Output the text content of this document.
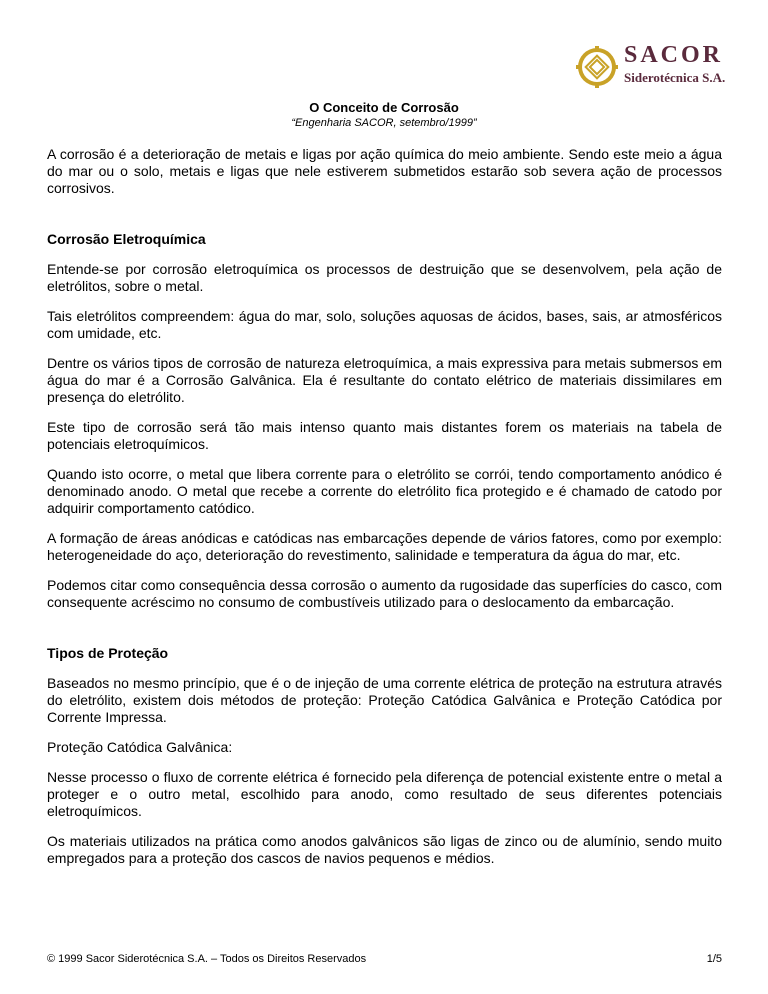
SACOR
Siderotécnica S.A.
O Conceito de Corrosão
“Engenharia SACOR, setembro/1999”

A corrosão é a deterioração de metais e ligas por ação química do meio ambiente. Sendo este meio a água do mar ou o solo, metais e ligas que nele estiverem submetidos estarão sob severa ação de processos corrosivos.

Corrosão Eletroquímica

Entende-se por corrosão eletroquímica os processos de destruição que se desenvolvem, pela ação de eletrólitos, sobre o metal.

Tais eletrólitos compreendem: água do mar, solo, soluções aquosas de ácidos, bases, sais, ar atmosféricos com umidade, etc.

Dentre os vários tipos de corrosão de natureza eletroquímica, a mais expressiva para metais submersos em água do mar é a Corrosão Galvânica. Ela é resultante do contato elétrico de materiais dissimilares em presença do eletrólito.

Este tipo de corrosão será tão mais intenso quanto mais distantes forem os materiais na tabela de potenciais eletroquímicos.

Quando isto ocorre, o metal que libera corrente para o eletrólito se corrói, tendo comportamento anódico é denominado anodo. O metal que recebe a corrente do eletrólito fica protegido e é chamado de catodo por adquirir comportamento catódico.

A formação de áreas anódicas e catódicas nas embarcações depende de vários fatores, como por exemplo: heterogeneidade do aço, deterioração do revestimento, salinidade e temperatura da água do mar, etc.

Podemos citar como consequência dessa corrosão o aumento da rugosidade das superfícies do casco, com consequente acréscimo no consumo de combustíveis utilizado para o deslocamento da embarcação.

Tipos de Proteção

Baseados no mesmo princípio, que é o de injeção de uma corrente elétrica de proteção na estrutura através do eletrólito, existem dois métodos de proteção: Proteção Catódica Galvânica e Proteção Catódica por Corrente Impressa.

Proteção Catódica Galvânica:

Nesse processo o fluxo de corrente elétrica é fornecido pela diferença de potencial existente entre o metal a proteger e o outro metal, escolhido para anodo, como resultado de seus diferentes potenciais eletroquímicos.

Os materiais utilizados na prática como anodos galvânicos são ligas de zinco ou de alumínio, sendo muito empregados para a proteção dos cascos de navios pequenos e médios.

© 1999 Sacor Siderotécnica S.A. – Todos os Direitos Reservados	1/5
